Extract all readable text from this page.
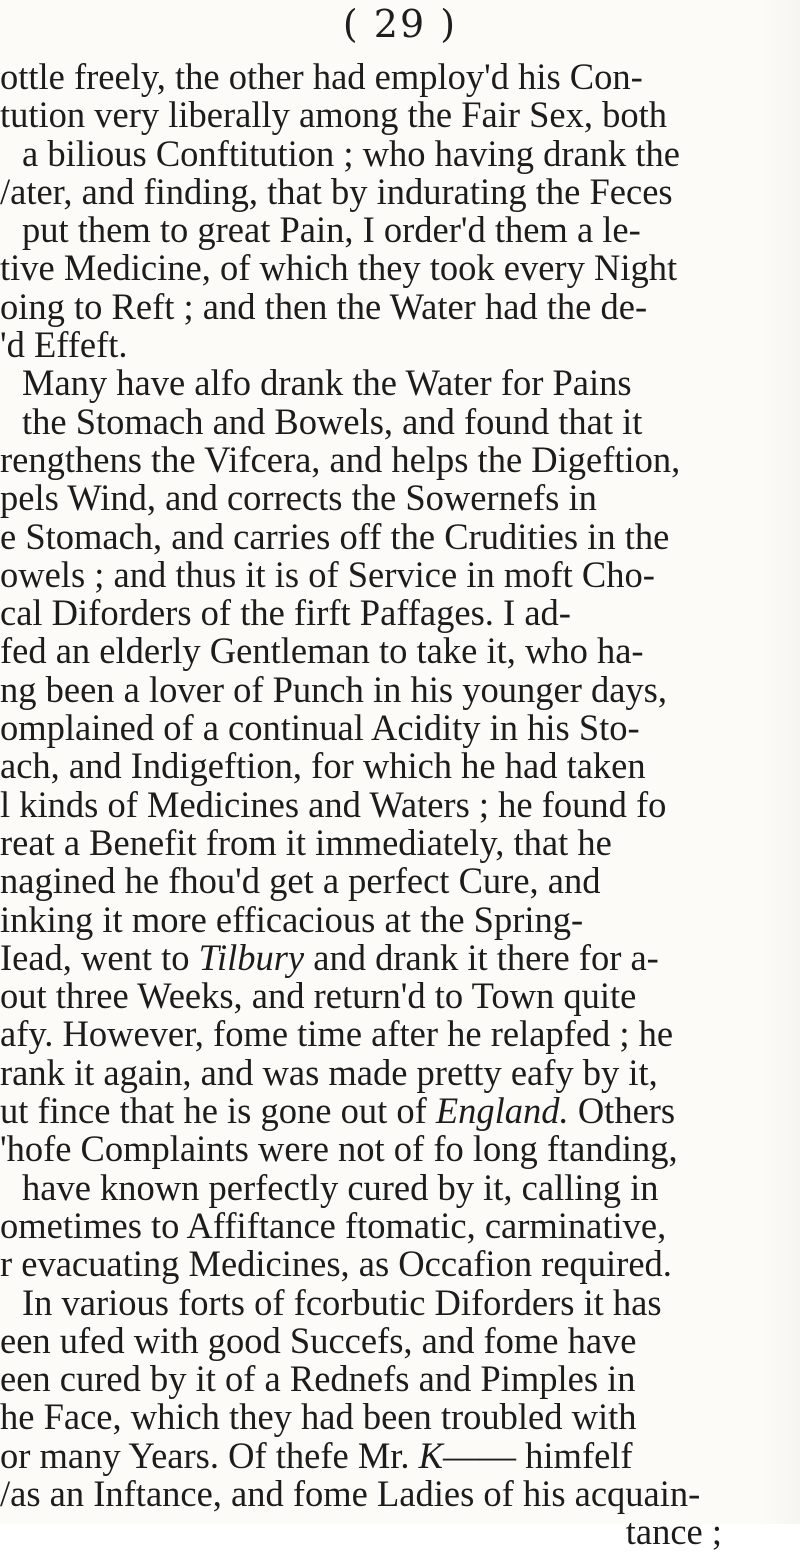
( 29 )
ottle freely, the other had employ'd his Con-
tution very liberally among the Fair Sex, both
a bilious Conftitution ; who having drank the
/ater, and finding, that by indurating the Feces
put them to great Pain, I order'd them a le-
tive Medicine, of which they took every Night
oing to Reft ; and then the Water had the de-
'd Effeft.
Many have alfo drank the Water for Pains
the Stomach and Bowels, and found that it
rengthens the Vifcera, and helps the Digeftion,
pels Wind, and corrects the Sowernefs in
e Stomach, and carries off the Crudities in the
owels ; and thus it is of Service in moft Cho-
cal Diforders of the firft Paffages. I ad-
fed an elderly Gentleman to take it, who ha-
ng been a lover of Punch in his younger days,
omplained of a continual Acidity in his Sto-
ach, and Indigeftion, for which he had taken
l kinds of Medicines and Waters ; he found fo
reat a Benefit from it immediately, that he
nagined he fhou'd get a perfect Cure, and
inking it more efficacious at the Spring-
Iead, went to Tilbury and drank it there for a-
out three Weeks, and return'd to Town quite
afy. However, fome time after he relapfed ; he
rank it again, and was made pretty eafy by it,
ut fince that he is gone out of England. Others
'hofe Complaints were not of fo long ftanding,
have known perfectly cured by it, calling in
ometimes to Affiftance ftomatic, carminative,
r evacuating Medicines, as Occafion required.
In various forts of fcorbutic Diforders it has
een ufed with good Succefs, and fome have
een cured by it of a Rednefs and Pimples in
he Face, which they had been troubled with
or many Years. Of thefe Mr. K—— himfelf
/as an Inftance, and fome Ladies of his acquain-
tance ;
